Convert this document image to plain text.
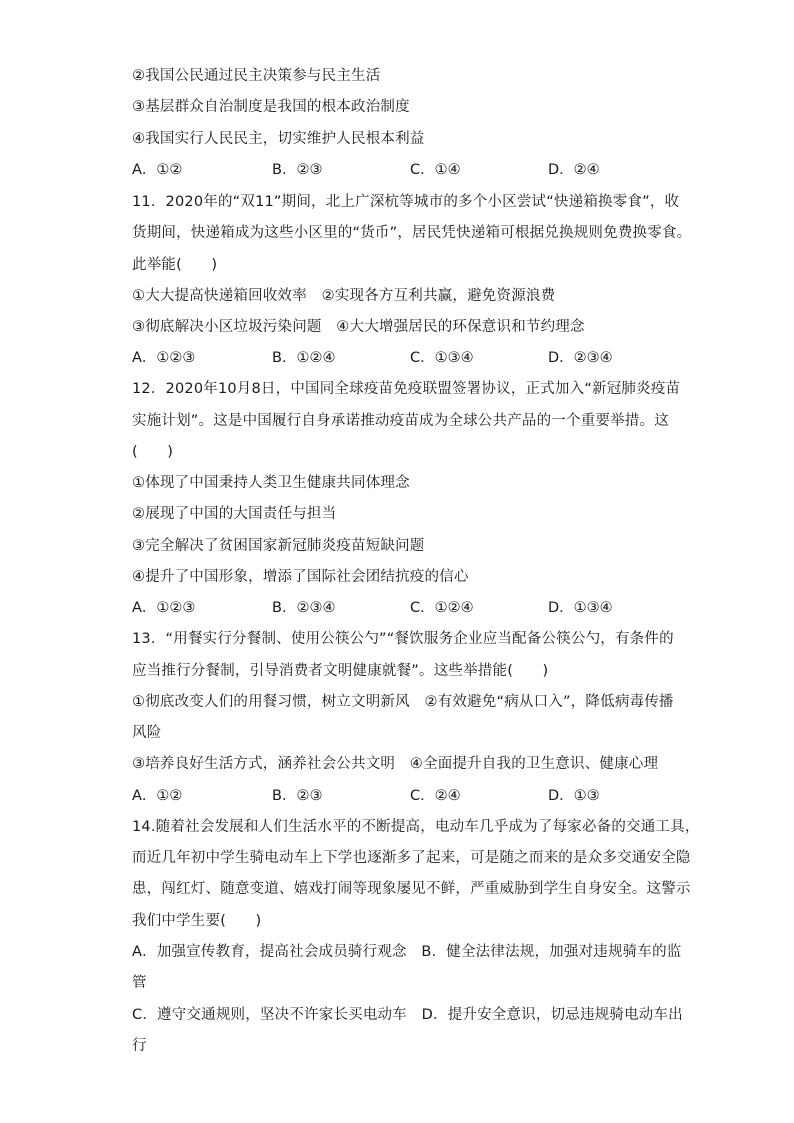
②我国公民通过民主决策参与民主生活
③基层群众自治制度是我国的根本政治制度
④我国实行人民民主，切实维护人民根本利益
A．①②	B．②③	C．①④	D．②④
11．2020年的“双11”期间，北上广深杭等城市的多个小区尝试“快递箱换零食”，收
货期间，快递箱成为这些小区里的“货币”，居民凭快递箱可根据兑换规则免费换零食。
此举能(　　)
①大大提高快递箱回收效率　②实现各方互利共赢，避免资源浪费
③彻底解决小区垃圾污染问题　④大大增强居民的环保意识和节约理念
A．①②③	B．①②④	C．①③④	D．②③④
12．2020年10月8日，中国同全球疫苗免疫联盟签署协议，正式加入“新冠肺炎疫苗
实施计划”。这是中国履行自身承诺推动疫苗成为全球公共产品的一个重要举措。这
(　　)
①体现了中国秉持人类卫生健康共同体理念
②展现了中国的大国责任与担当
③完全解决了贫困国家新冠肺炎疫苗短缺问题
④提升了中国形象，增添了国际社会团结抗疫的信心
A．①②③	B．②③④	C．①②④	D．①③④
13．“用餐实行分餐制、使用公筷公勺”“餐饮服务企业应当配备公筷公勺，有条件的
应当推行分餐制，引导消费者文明健康就餐”。这些举措能(　　)
①彻底改变人们的用餐习惯，树立文明新风　②有效避免“病从口入”，降低病毒传播
风险
③培养良好生活方式，涵养社会公共文明　④全面提升自我的卫生意识、健康心理
A．①②	B．②③	C．②④	D．①③
14.随着社会发展和人们生活水平的不断提高，电动车几乎成为了每家必备的交通工具，
而近几年初中学生骑电动车上下学也逐渐多了起来，可是随之而来的是众多交通安全隐
患，闯红灯、随意变道、嬉戏打闹等现象屡见不鲜，严重威胁到学生自身安全。这警示
我们中学生要(　　)
A．加强宣传教育，提高社会成员骑行观念　B．健全法律法规，加强对违规骑车的监
管
C．遵守交通规则，坚决不许家长买电动车　D．提升安全意识，切忌违规骑电动车出
行
